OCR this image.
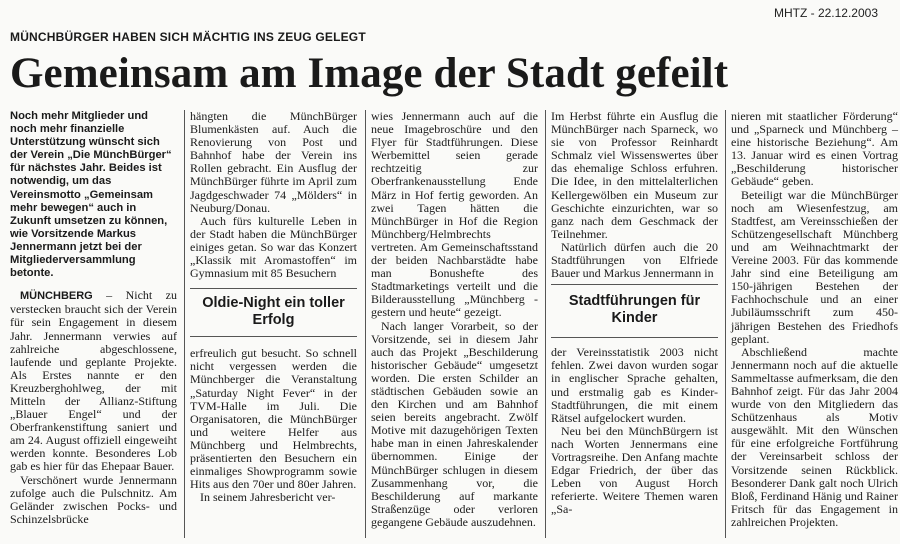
MHTZ - 22.12.2003
MÜNCHBÜRGER HABEN SICH MÄCHTIG INS ZEUG GELEGT
Gemeinsam am Image der Stadt gefeilt

Noch mehr Mitglieder und noch mehr finanzielle Unterstützung wünscht sich der Verein „Die MünchBürger“ für nächstes Jahr. Beides ist notwendig, um das Vereinsmotto „Gemeinsam mehr bewegen“ auch in Zukunft umsetzen zu können, wie Vorsitzende Markus Jennermann jetzt bei der Mitgliederversammlung betonte.

MÜNCHBERG – Nicht zu verstecken braucht sich der Verein für sein Engagement in diesem Jahr. Jennermann verwies auf zahlreiche abgeschlossene, laufende und geplante Projekte. Als Erstes nannte er den Kreuzberghohlweg, der mit Mitteln der Allianz-Stiftung „Blauer Engel“ und der Oberfrankenstiftung saniert und am 24. August offiziell eingeweiht werden konnte. Besonderes Lob gab es hier für das Ehepaar Bauer.

Verschönert wurde Jennermann zufolge auch die Pulschnitz. Am Geländer zwischen Pocks- und Schinzelsbrücke

hängten die MünchBürger Blumenkästen auf. Auch die Renovierung von Post und Bahnhof habe der Verein ins Rollen gebracht. Ein Ausflug der MünchBürger führte im April zum Jagdgeschwader 74 „Mölders“ in Neuburg/Donau.

Auch fürs kulturelle Leben in der Stadt haben die MünchBürger einiges getan. So war das Konzert „Klassik mit Aromastoffen“ im Gymnasium mit 85 Besuchern

Oldie-Night ein toller Erfolg

erfreulich gut besucht. So schnell nicht vergessen werden die Münchberger die Veranstaltung „Saturday Night Fever“ in der TVM-Halle im Juli. Die Organisatoren, die MünchBürger und weitere Helfer aus Münchberg und Helmbrechts, präsentierten den Besuchern ein einmaliges Showprogramm sowie Hits aus den 70er und 80er Jahren.

In seinem Jahresbericht ver-

wies Jennermann auch auf die neue Imagebroschüre und den Flyer für Stadtführungen. Diese Werbemittel seien gerade rechtzeitig zur Oberfrankenausstellung Ende März in Hof fertig geworden. An zwei Tagen hätten die MünchBürger in Hof die Region Münchberg/Helmbrechts vertreten. Am Gemeinschaftsstand der beiden Nachbarstädte habe man Bonushefte des Stadtmarketings verteilt und die Bilderausstellung „Münchberg - gestern und heute“ gezeigt.

Nach langer Vorarbeit, so der Vorsitzende, sei in diesem Jahr auch das Projekt „Beschilderung historischer Gebäude“ umgesetzt worden. Die ersten Schilder an städtischen Gebäuden sowie an den Kirchen und am Bahnhof seien bereits angebracht. Zwölf Motive mit dazugehörigen Texten habe man in einen Jahreskalender übernommen. Einige der MünchBürger schlugen in diesem Zusammenhang vor, die Beschilderung auf markante Straßenzüge oder verloren gegangene Gebäude auszudehnen.

Im Herbst führte ein Ausflug die MünchBürger nach Sparneck, wo sie von Professor Reinhardt Schmalz viel Wissenswertes über das ehemalige Schloss erfuhren. Die Idee, in den mittelalterlichen Kellergewölben ein Museum zur Geschichte einzurichten, war so ganz nach dem Geschmack der Teilnehmer.

Natürlich dürfen auch die 20 Stadtführungen von Elfriede Bauer und Markus Jennermann in

Stadtführungen für Kinder

der Vereinsstatistik 2003 nicht fehlen. Zwei davon wurden sogar in englischer Sprache gehalten, und erstmalig gab es Kinder-Stadtführungen, die mit einem Rätsel aufgelockert wurden.

Neu bei den MünchBürgern ist nach Worten Jennermans eine Vortragsreihe. Den Anfang machte Edgar Friedrich, der über das Leben von August Horch referierte. Weitere Themen waren „Sa-

nieren mit staatlicher Förderung“ und „Sparneck und Münchberg – eine historische Beziehung“. Am 13. Januar wird es einen Vortrag „Beschilderung historischer Gebäude“ geben.

Beteiligt war die MünchBürger noch am Wiesenfestzug, am Stadtfest, am Vereinsschießen der Schützengesellschaft Münchberg und am Weihnachtmarkt der Vereine 2003. Für das kommende Jahr sind eine Beteiligung am 150-jährigen Bestehen der Fachhochschule und an einer Jubiläumsschrift zum 450-jährigen Bestehen des Friedhofs geplant.

Abschließend machte Jennermann noch auf die aktuelle Sammeltasse aufmerksam, die den Bahnhof zeigt. Für das Jahr 2004 wurde von den Mitgliedern das Schützenhaus als Motiv ausgewählt. Mit den Wünschen für eine erfolgreiche Fortführung der Vereinsarbeit schloss der Vorsitzende seinen Rückblick. Besonderer Dank galt noch Ulrich Bloß, Ferdinand Hänig und Rainer Fritsch für das Engagement in zahlreichen Projekten.
